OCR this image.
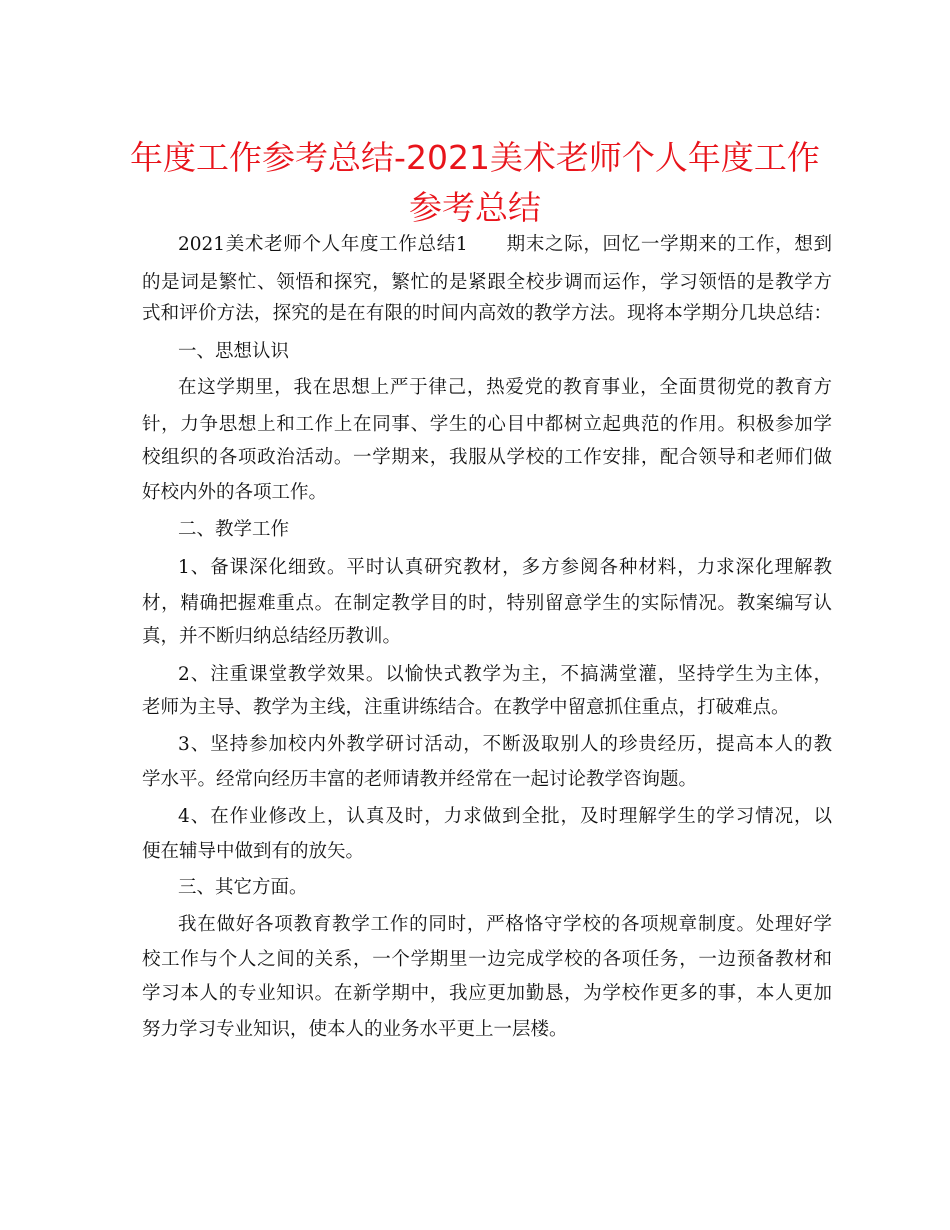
年度工作参考总结-2021美术老师个人年度工作
参考总结
2021美术老师个人年度工作总结1　　期末之际，回忆一学期来的工作，想到
的是词是繁忙、领悟和探究，繁忙的是紧跟全校步调而运作，学习领悟的是教学方
式和评价方法，探究的是在有限的时间内高效的教学方法。现将本学期分几块总结：
一、思想认识
在这学期里，我在思想上严于律己，热爱党的教育事业，全面贯彻党的教育方
针，力争思想上和工作上在同事、学生的心目中都树立起典范的作用。积极参加学
校组织的各项政治活动。一学期来，我服从学校的工作安排，配合领导和老师们做
好校内外的各项工作。
二、教学工作
1、备课深化细致。平时认真研究教材，多方参阅各种材料，力求深化理解教
材，精确把握难重点。在制定教学目的时，特别留意学生的实际情况。教案编写认
真，并不断归纳总结经历教训。
2、注重课堂教学效果。以愉快式教学为主，不搞满堂灌，坚持学生为主体，
老师为主导、教学为主线，注重讲练结合。在教学中留意抓住重点，打破难点。
3、坚持参加校内外教学研讨活动，不断汲取别人的珍贵经历，提高本人的教
学水平。经常向经历丰富的老师请教并经常在一起讨论教学咨询题。
4、在作业修改上，认真及时，力求做到全批，及时理解学生的学习情况，以
便在辅导中做到有的放矢。
三、其它方面。
我在做好各项教育教学工作的同时，严格恪守学校的各项规章制度。处理好学
校工作与个人之间的关系，一个学期里一边完成学校的各项任务，一边预备教材和
学习本人的专业知识。在新学期中，我应更加勤恳，为学校作更多的事，本人更加
努力学习专业知识，使本人的业务水平更上一层楼。
